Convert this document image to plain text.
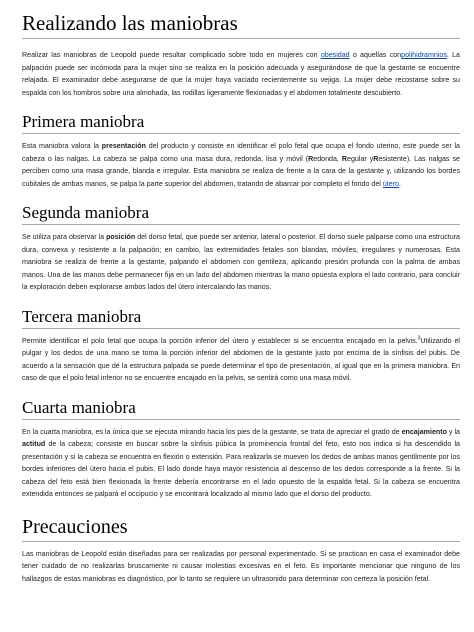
Realizando las maniobras

Realizar las maniobras de Leopold puede resultar complicado sobre todo en mujeres con obesidad o aquellas conpolihidramnios. La palpación puede ser incómoda para la mujer sino se realiza en la posición adecuada y asegurándose de que la gestante se encuentre relajada. El examinador debe asegurarse de que la mujer haya vaciado recientemente su vejiga. La mujer debe recostarse sobre su espalda con los hombros sobre una almohada, las rodillas ligeramente flexionadas y el abdomen totalmente descubierto.

Primera maniobra

Esta maniobra valora la presentación del producto y consiste en identificar el polo fetal que ocupa el fondo uterino, este puede ser la cabeza o las nalgas. La cabeza se palpa como una masa dura, redonda, lisa y móvil (Redonda, Regular yResistente). Las nalgas se perciben como una masa grande, blanda e irregular. Esta maniobra se realiza de frente a la cara de la gestante y, utilizando los bordes cubitales de ambas manos, se palpa la parte superior del abdomen, tratando de abarcar por completo el fondo del útero.

Segunda maniobra

Se utiliza para observar la posición del dorso fetal, que puede ser anterior, lateral o posterior. El dorso suele palparse como una estructura dura, convexa y resistente a la palpación; en cambio, las extremidades fetales son blandas, móviles, irregulares y numerosas. Esta maniobra se realiza de frente a la gestante, palpando el abdomen con gentileza, aplicando presión profunda con la palma de ambas manos. Una de las manos debe permanecer fija en un lado del abdomen mientras la mano opuesta explora el lado contrario, para concluir la exploración deben explorarse ambos lados del útero intercalando las manos.

Tercera maniobra

Permite identificar el polo fetal que ocupa la porción inferior del útero y establecer si se encuentra encajado en la pelvis.$^3$Utilizando el pulgar y los dedos de una mano se toma la porción inferior del abdomen de la gestante justo por encima de la sínfisis del pubis. De acuerdo a la sensación que dé la estructura palpada se puede determinar el tipo de presentación, al igual que en la primera maniobra. En caso de que el polo fetal inferior no se encuentre encajado en la pelvis, se sentirá como una masa móvil.

Cuarta maniobra

En la cuarta maniobra, es la única que se ejecuta mirando hacia los pies de la gestante, se trata de apreciar el grado de encajamiento y la actitud de la cabeza; consiste en buscar sobre la sínfisis púbica la prominencia frontal del feto, esto nos indica si ha descendido la presentación y si la cabeza se encuentra en flexión o extensión. Para realizarla se mueven los dedos de ambas manos gentilmente por los bordes inferiores del útero hacia el pubis. El lado donde haya mayor resistencia al descenso de los dedos corresponde a la frente. Si la cabeza del feto está bien flexionada la frente debería encontrarse en el lado opuesto de la espalda fetal. Si la cabeza se encuentra extendida entonces se palpará el occipucio y se encontrará localizado al mismo lado que el dorso del producto.

Precauciones

Las maniobras de Leopold están diseñadas para ser realizadas por personal experimentado. Si se practican en casa el examinador debe tener cuidado de no realizarlas bruscamente ni causar molestias excesivas en el feto. Es importante mencionar que ninguno de los hallazgos de estas maniobras es diagnóstico, por lo tanto se requiere un ultrasonido para determinar con certeza la posición fetal.
